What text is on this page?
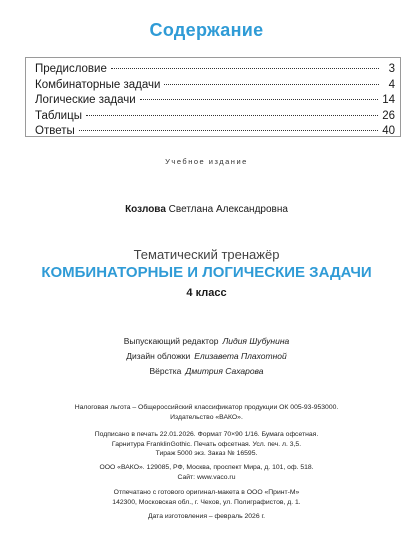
Содержание
Предисловие	3
Комбинаторные задачи	4
Логические задачи	14
Таблицы	26
Ответы	40
Учебное издание
Козлова Светлана Александровна
Тематический тренажёр
КОМБИНАТОРНЫЕ И ЛОГИЧЕСКИЕ ЗАДАЧИ
4 класс
Выпускающий редактор Лидия Шубунина
Дизайн обложки Елизавета Плахотной
Вёрстка Дмитрия Сахарова
Налоговая льгота – Общероссийский классификатор продукции ОК 005-93-953000.
Издательство «ВАКО».
Подписано в печать 22.01.2026. Формат 70×90 1/16. Бумага офсетная.
Гарнитура FranklinGothic. Печать офсетная. Усл. печ. л. 3,5.
Тираж 5000 экз. Заказ № 16595.
ООО «ВАКО». 129085, РФ, Москва, проспект Мира, д. 101, оф. 518.
Сайт: www.vaco.ru
Отпечатано с готового оригинал-макета в ООО «Принт-М»
142300, Московская обл., г. Чехов, ул. Полиграфистов, д. 1.
Дата изготовления – февраль 2026 г.
